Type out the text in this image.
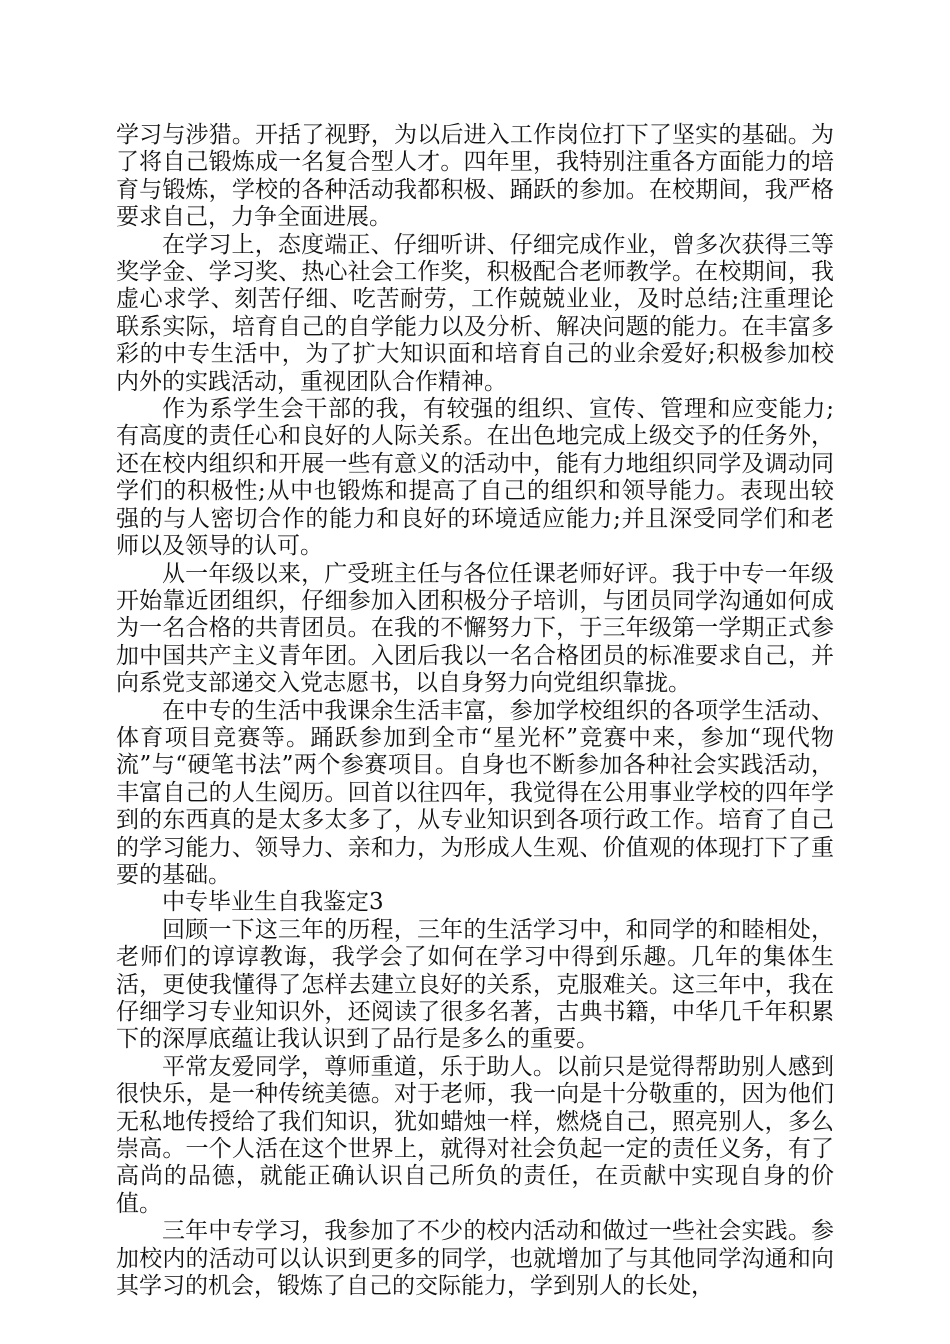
学习与涉猎。开括了视野，为以后进入工作岗位打下了坚实的基础。为了将自己锻炼成一名复合型人才。四年里，我特别注重各方面能力的培育与锻炼，学校的各种活动我都积极、踊跃的参加。在校期间，我严格要求自己，力争全面进展。

在学习上，态度端正、仔细听讲、仔细完成作业，曾多次获得三等奖学金、学习奖、热心社会工作奖，积极配合老师教学。在校期间，我虚心求学、刻苦仔细、吃苦耐劳，工作兢兢业业，及时总结;注重理论联系实际，培育自己的自学能力以及分析、解决问题的能力。在丰富多彩的中专生活中，为了扩大知识面和培育自己的业余爱好;积极参加校内外的实践活动，重视团队合作精神。

作为系学生会干部的我，有较强的组织、宣传、管理和应变能力;有高度的责任心和良好的人际关系。在出色地完成上级交予的任务外，还在校内组织和开展一些有意义的活动中，能有力地组织同学及调动同学们的积极性;从中也锻炼和提高了自己的组织和领导能力。表现出较强的与人密切合作的能力和良好的环境适应能力;并且深受同学们和老师以及领导的认可。

从一年级以来，广受班主任与各位任课老师好评。我于中专一年级开始靠近团组织，仔细参加入团积极分子培训，与团员同学沟通如何成为一名合格的共青团员。在我的不懈努力下，于三年级第一学期正式参加中国共产主义青年团。入团后我以一名合格团员的标准要求自己，并向系党支部递交入党志愿书，以自身努力向党组织靠拢。

在中专的生活中我课余生活丰富，参加学校组织的各项学生活动、体育项目竞赛等。踊跃参加到全市“星光杯”竞赛中来，参加“现代物流”与“硬笔书法”两个参赛项目。自身也不断参加各种社会实践活动，丰富自己的人生阅历。回首以往四年，我觉得在公用事业学校的四年学到的东西真的是太多太多了，从专业知识到各项行政工作。培育了自己的学习能力、领导力、亲和力，为形成人生观、价值观的体现打下了重要的基础。

中专毕业生自我鉴定3

回顾一下这三年的历程，三年的生活学习中，和同学的和睦相处，老师们的谆谆教诲，我学会了如何在学习中得到乐趣。几年的集体生活，更使我懂得了怎样去建立良好的关系，克服难关。这三年中，我在仔细学习专业知识外，还阅读了很多名著，古典书籍，中华几千年积累下的深厚底蕴让我认识到了品行是多么的重要。

平常友爱同学，尊师重道，乐于助人。以前只是觉得帮助别人感到很快乐，是一种传统美德。对于老师，我一向是十分敬重的，因为他们无私地传授给了我们知识，犹如蜡烛一样，燃烧自己，照亮别人，多么崇高。一个人活在这个世界上，就得对社会负起一定的责任义务，有了高尚的品德，就能正确认识自己所负的责任，在贡献中实现自身的价值。

三年中专学习，我参加了不少的校内活动和做过一些社会实践。参加校内的活动可以认识到更多的同学，也就增加了与其他同学沟通和向其学习的机会，锻炼了自己的交际能力，学到别人的长处，
